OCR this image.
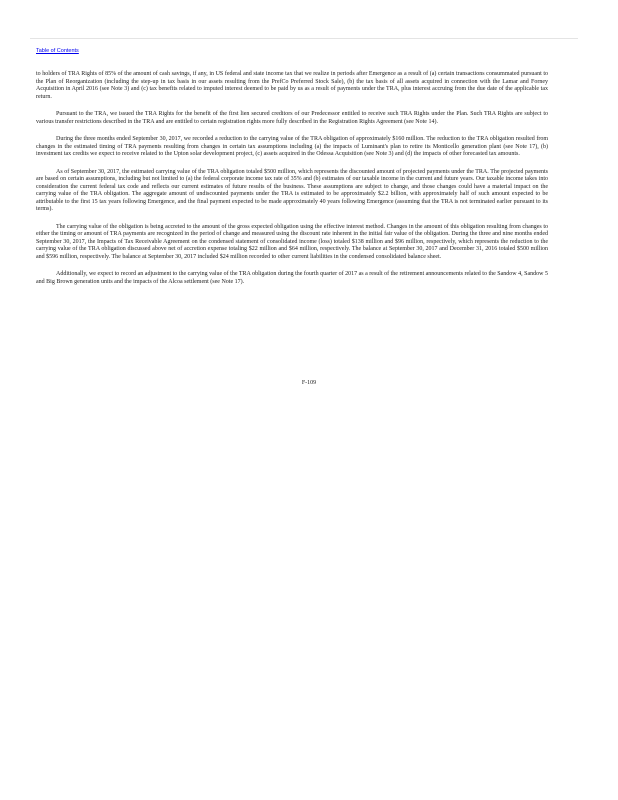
Table of Contents

to holders of TRA Rights of 85% of the amount of cash savings, if any, in US federal and state income tax that we realize in periods after Emergence as a result of (a) certain transactions consummated pursuant to the Plan of Reorganization (including the step-up in tax basis in our assets resulting from the PrefCo Preferred Stock Sale), (b) the tax basis of all assets acquired in connection with the Lamar and Forney Acquisition in April 2016 (see Note 3) and (c) tax benefits related to imputed interest deemed to be paid by us as a result of payments under the TRA, plus interest accruing from the due date of the applicable tax return.

Pursuant to the TRA, we issued the TRA Rights for the benefit of the first lien secured creditors of our Predecessor entitled to receive such TRA Rights under the Plan. Such TRA Rights are subject to various transfer restrictions described in the TRA and are entitled to certain registration rights more fully described in the Registration Rights Agreement (see Note 14).

During the three months ended September 30, 2017, we recorded a reduction to the carrying value of the TRA obligation of approximately $160 million. The reduction to the TRA obligation resulted from changes in the estimated timing of TRA payments resulting from changes in certain tax assumptions including (a) the impacts of Luminant's plan to retire its Monticello generation plant (see Note 17), (b) investment tax credits we expect to receive related to the Upton solar development project, (c) assets acquired in the Odessa Acquisition (see Note 3) and (d) the impacts of other forecasted tax amounts.

As of September 30, 2017, the estimated carrying value of the TRA obligation totaled $500 million, which represents the discounted amount of projected payments under the TRA. The projected payments are based on certain assumptions, including but not limited to (a) the federal corporate income tax rate of 35% and (b) estimates of our taxable income in the current and future years. Our taxable income takes into consideration the current federal tax code and reflects our current estimates of future results of the business. These assumptions are subject to change, and those changes could have a material impact on the carrying value of the TRA obligation. The aggregate amount of undiscounted payments under the TRA is estimated to be approximately $2.2 billion, with approximately half of such amount expected to be attributable to the first 15 tax years following Emergence, and the final payment expected to be made approximately 40 years following Emergence (assuming that the TRA is not terminated earlier pursuant to its terms).

The carrying value of the obligation is being accreted to the amount of the gross expected obligation using the effective interest method. Changes in the amount of this obligation resulting from changes to either the timing or amount of TRA payments are recognized in the period of change and measured using the discount rate inherent in the initial fair value of the obligation. During the three and nine months ended September 30, 2017, the Impacts of Tax Receivable Agreement on the condensed statement of consolidated income (loss) totaled $138 million and $96 million, respectively, which represents the reduction to the carrying value of the TRA obligation discussed above net of accretion expense totaling $22 million and $64 million, respectively. The balance at September 30, 2017 and December 31, 2016 totaled $500 million and $596 million, respectively. The balance at September 30, 2017 included $24 million recorded to other current liabilities in the condensed consolidated balance sheet.

Additionally, we expect to record an adjustment to the carrying value of the TRA obligation during the fourth quarter of 2017 as a result of the retirement announcements related to the Sandow 4, Sandow 5 and Big Brown generation units and the impacts of the Alcoa settlement (see Note 17).

F-109
